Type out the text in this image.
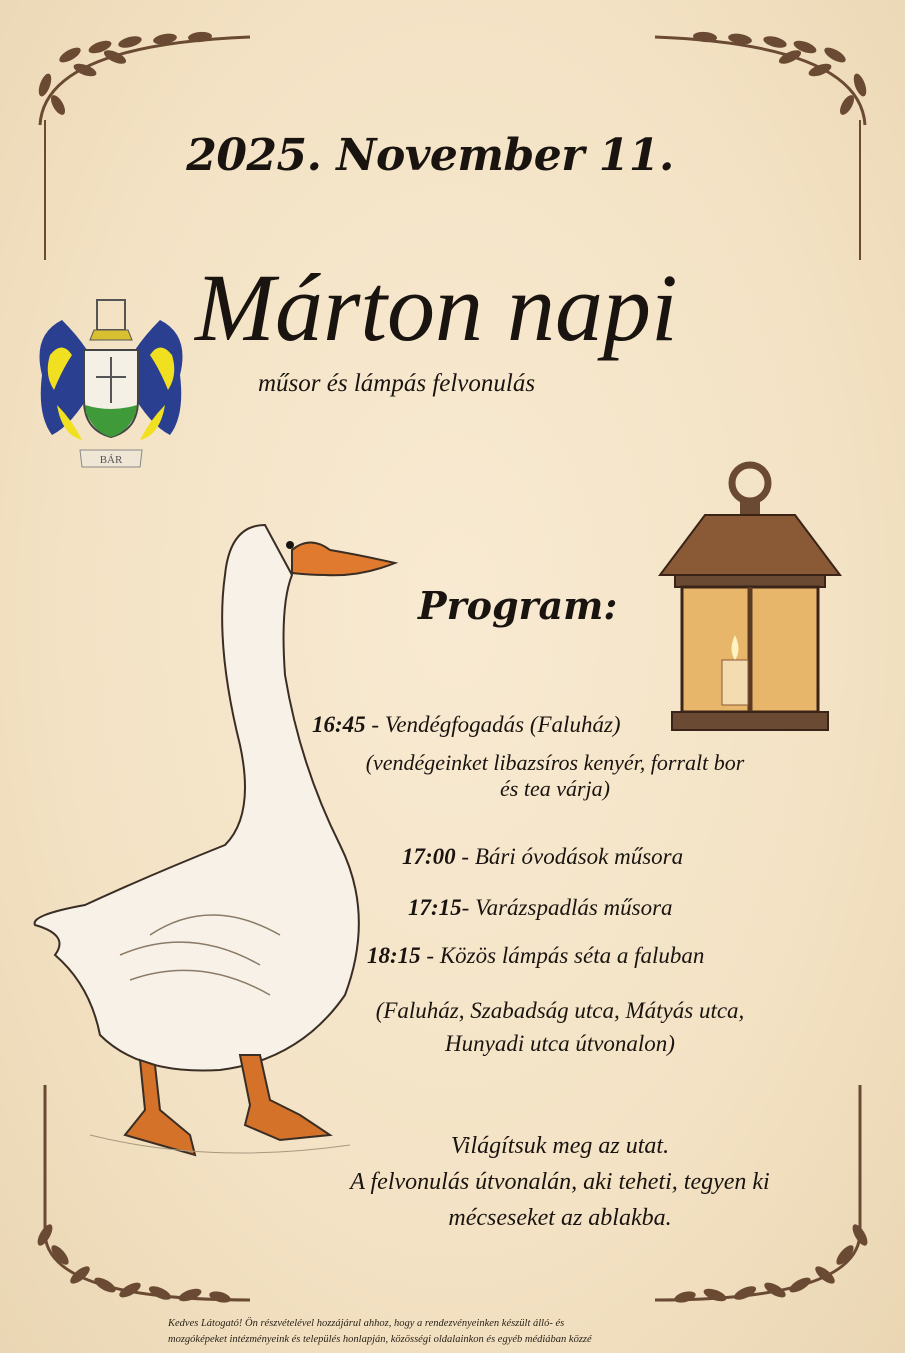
2025. November 11.
Márton napi
műsor és lámpás felvonulás
BÁR
Program:
16:45 - Vendégfogadás (Faluház)
(vendégeinket libazsíros kenyér, forralt bor
és tea várja)
17:00 - Bári óvodások műsora
17:15- Varázspadlás műsora
18:15 - Közös lámpás séta a faluban
(Faluház, Szabadság utca, Mátyás utca,
Hunyadi utca útvonalon)
Világítsuk meg az utat.
A felvonulás útvonalán, aki teheti, tegyen ki
mécseseket az ablakba.
Kedves Látogató! Ön részvételével hozzájárul ahhoz, hogy a rendezvényeinken készült álló- és
mozgóképeket intézményeink és település honlapján, közösségi oldalainkon és egyéb médiában közzé
